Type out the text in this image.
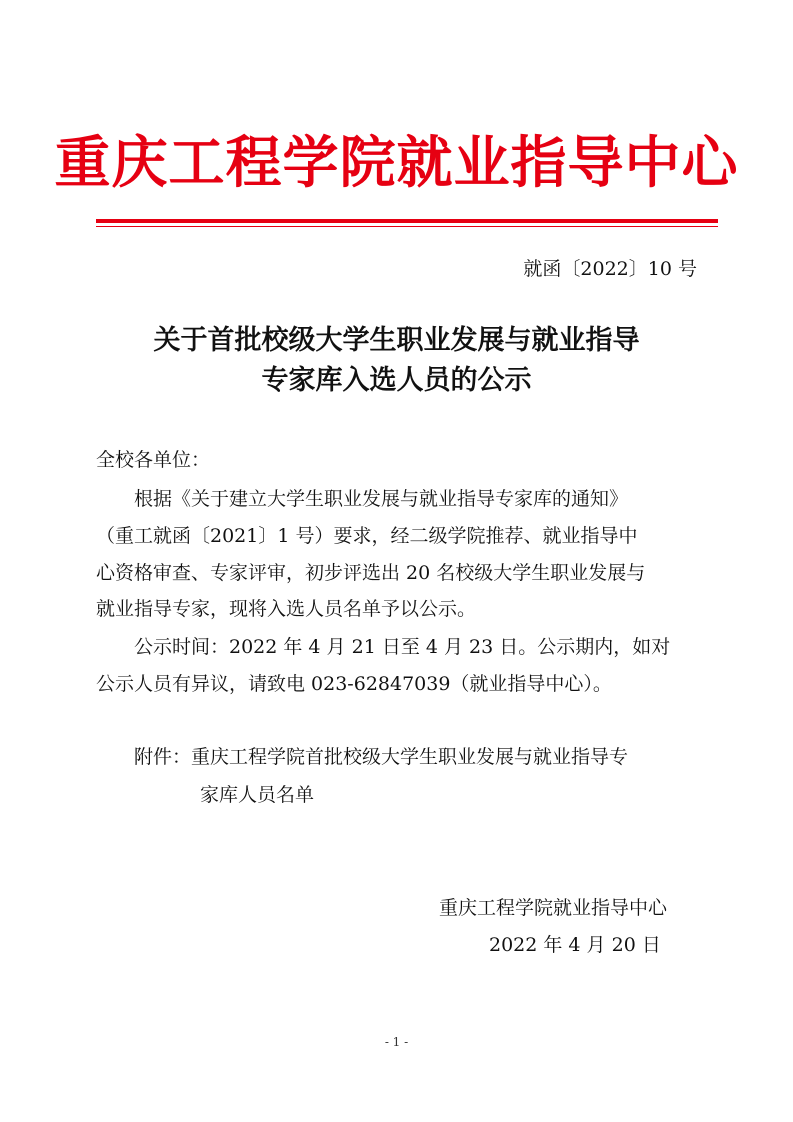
重庆工程学院就业指导中心
就函〔2022〕10 号
关于首批校级大学生职业发展与就业指导
专家库入选人员的公示
全校各单位：
根据《关于建立大学生职业发展与就业指导专家库的通知》
（重工就函〔2021〕1 号）要求，经二级学院推荐、就业指导中
心资格审查、专家评审，初步评选出 20 名校级大学生职业发展与
就业指导专家，现将入选人员名单予以公示。
公示时间：2022 年 4 月 21 日至 4 月 23 日。公示期内，如对
公示人员有异议，请致电 023-62847039（就业指导中心）。
附件：重庆工程学院首批校级大学生职业发展与就业指导专
家库人员名单
重庆工程学院就业指导中心
2022 年 4 月 20 日
- 1 -
